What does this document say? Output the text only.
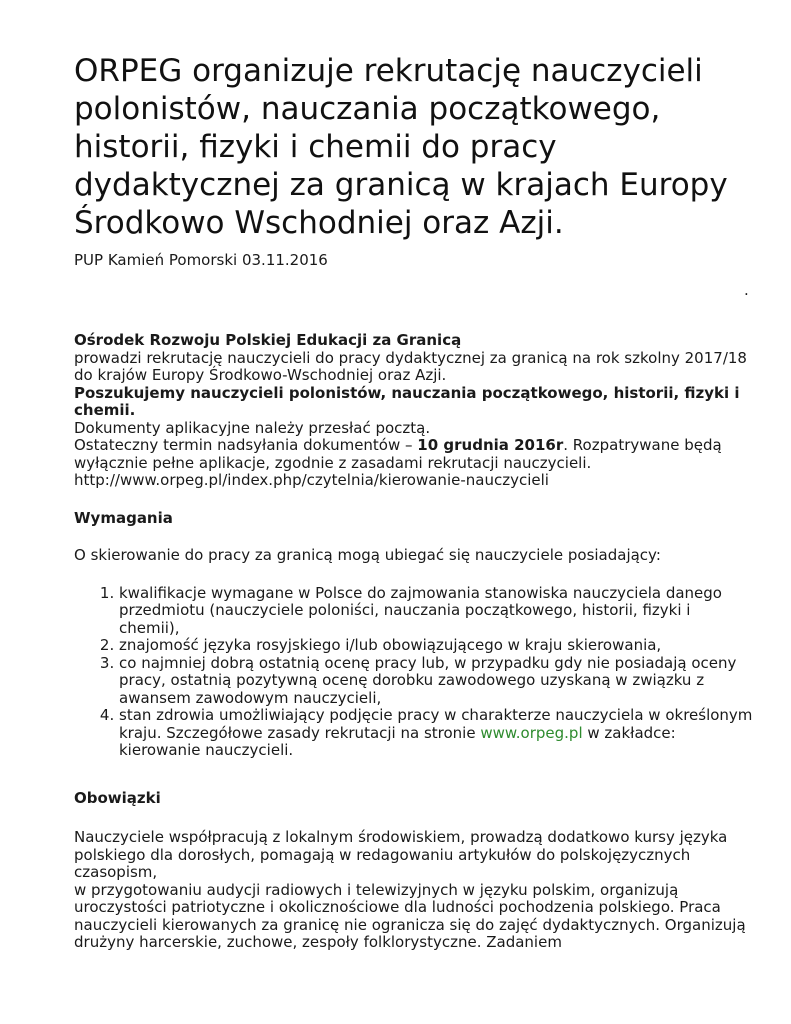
ORPEG organizuje rekrutację nauczycieli polonistów, nauczania początkowego, historii, fizyki i chemii do pracy dydaktycznej za granicą w krajach Europy Środkowo Wschodniej oraz Azji.
PUP Kamień Pomorski 03.11.2016
.

Ośrodek Rozwoju Polskiej Edukacji za Granicą

prowadzi rekrutację nauczycieli do pracy dydaktycznej za granicą na rok szkolny 2017/18

do krajów Europy Środkowo-Wschodniej oraz Azji.

Poszukujemy nauczycieli polonistów, nauczania początkowego, historii, fizyki i chemii.

Dokumenty aplikacyjne należy przesłać pocztą.

Ostateczny termin nadsyłania dokumentów – 10 grudnia 2016r. Rozpatrywane będą wyłącznie pełne aplikacje, zgodnie z zasadami rekrutacji nauczycieli.

http://www.orpeg.pl/index.php/czytelnia/kierowanie-nauczycieli

Wymagania

O skierowanie do pracy za granicą mogą ubiegać się nauczyciele posiadający:

1. kwalifikacje wymagane w Polsce do zajmowania stanowiska nauczyciela danego przedmiotu (nauczyciele poloniści, nauczania początkowego, historii, fizyki i chemii),
2. znajomość języka rosyjskiego i/lub obowiązującego w kraju skierowania,
3. co najmniej dobrą ostatnią ocenę pracy lub, w przypadku gdy nie posiadają oceny pracy, ostatnią pozytywną ocenę dorobku zawodowego uzyskaną w związku z awansem zawodowym nauczycieli,
4. stan zdrowia umożliwiający podjęcie pracy w charakterze nauczyciela w określonym kraju. Szczegółowe zasady rekrutacji na stronie www.orpeg.pl w zakładce: kierowanie nauczycieli.

Obowiązki

Nauczyciele współpracują z lokalnym środowiskiem, prowadzą dodatkowo kursy języka polskiego dla dorosłych, pomagają w redagowaniu artykułów do polskojęzycznych czasopism,

w przygotowaniu audycji radiowych i telewizyjnych w języku polskim, organizują uroczystości patriotyczne i okolicznościowe dla ludności pochodzenia polskiego. Praca nauczycieli kierowanych za granicę nie ogranicza się do zajęć dydaktycznych. Organizują drużyny harcerskie, zuchowe, zespoły folklorystyczne. Zadaniem
